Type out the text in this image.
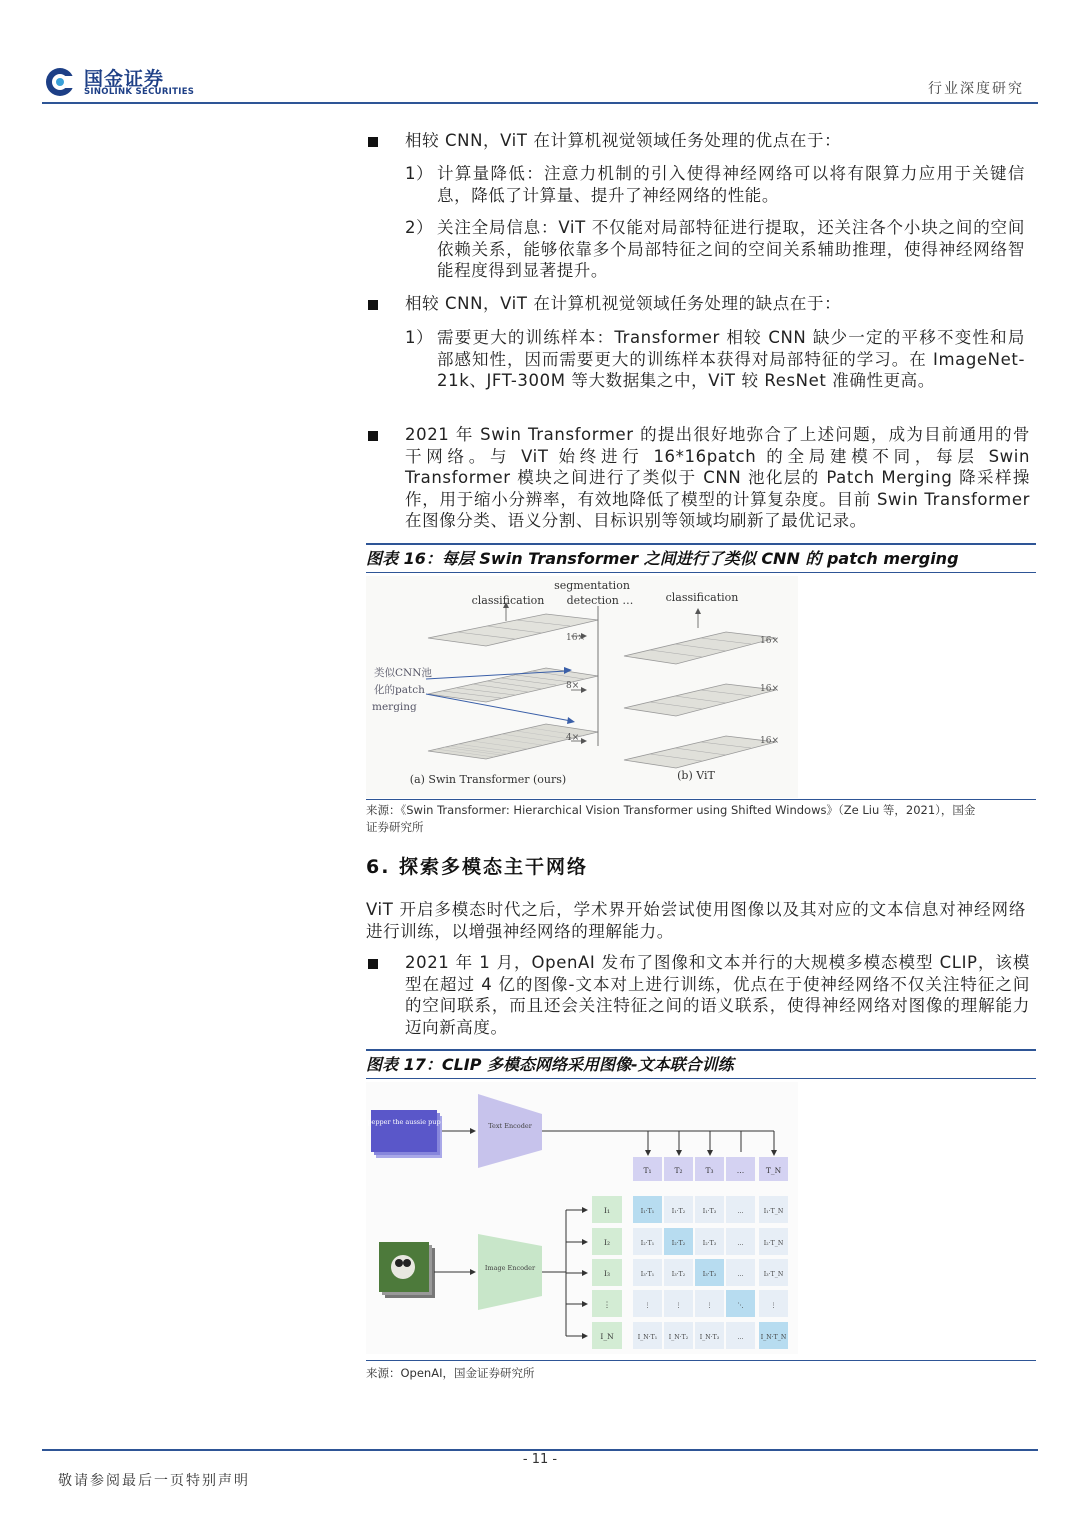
国金证券
SINOLINK SECURITIES	行业深度研究
相较 CNN，ViT 在计算机视觉领域任务处理的优点在于：
1） 计算量降低：注意力机制的引入使得神经网络可以将有限算力应用于关键信息，降低了计算量、提升了神经网络的性能。
2） 关注全局信息：ViT 不仅能对局部特征进行提取，还关注各个小块之间的空间依赖关系，能够依靠多个局部特征之间的空间关系辅助推理，使得神经网络智能程度得到显著提升。
相较 CNN，ViT 在计算机视觉领域任务处理的缺点在于：
1） 需要更大的训练样本：Transformer 相较 CNN 缺少一定的平移不变性和局部感知性，因而需要更大的训练样本获得对局部特征的学习。在 ImageNet-21k、JFT-300M 等大数据集之中，ViT 较 ResNet 准确性更高。
2021 年 Swin Transformer 的提出很好地弥合了上述问题，成为目前通用的骨干网络。与 ViT 始终进行 16*16patch 的全局建模不同，每层 Swin Transformer 模块之间进行了类似于 CNN 池化层的 Patch Merging 降采样操作，用于缩小分辨率，有效地降低了模型的计算复杂度。目前 Swin Transformer 在图像分类、语义分割、目标识别等领域均刷新了最优记录。
图表 16：每层 Swin Transformer 之间进行了类似 CNN 的 patch merging
segmentation
detection …
classification	classification
类似CNN池
化的patch
merging
16×
8×
4×
16×
16×
16×
(a) Swin Transformer (ours)	(b) ViT
来源：《Swin Transformer: Hierarchical Vision Transformer using Shifted Windows》（Ze Liu 等，2021），国金
证券研究所
6. 探索多模态主干网络
ViT 开启多模态时代之后，学术界开始尝试使用图像以及其对应的文本信息对神经网络进行训练，以增强神经网络的理解能力。
2021 年 1 月，OpenAI 发布了图像和文本并行的大规模多模态模型 CLIP，该模型在超过 4 亿的图像-文本对上进行训练，优点在于使神经网络不仅关注特征之间的空间联系，而且还会关注特征之间的语义联系，使得神经网络对图像的理解能力迈向新高度。
图表 17：CLIP 多模态网络采用图像-文本联合训练
pepper the aussie pup	Text Encoder
T₁	T₂	T₃	…	T_N
Image Encoder
I₁
I₂
I₃
⋮
I_N
I₁·T₁	I₁·T₂	I₁·T₃	…	I₁·T_N
I₂·T₁	I₂·T₂	I₂·T₃	…	I₂·T_N
I₃·T₁	I₃·T₂	I₃·T₃	…	I₃·T_N
⋮	⋮	⋮	⋱	⋮
I_N·T₁ I_N·T₂ I_N·T₃	…	I_N·T_N
来源：OpenAI，国金证券研究所
- 11 -
敬请参阅最后一页特别声明
